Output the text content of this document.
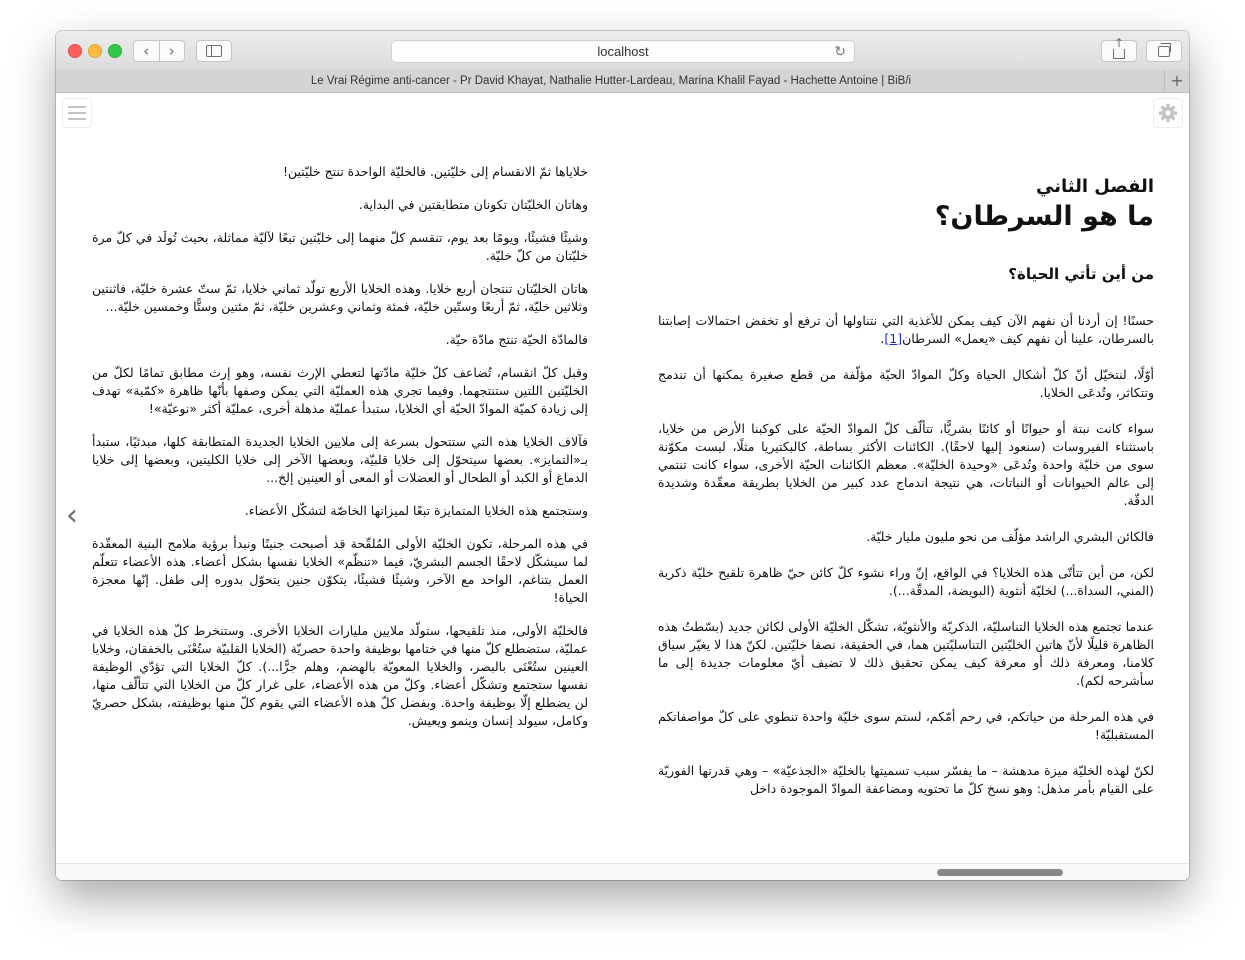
‹	›	localhost	↻
↑
Le Vrai Régime anti-cancer - Pr David Khayat, Nathalie Hutter-Lardeau, Marina Khalil Fayad - Hachette Antoine | BiB/i	+
‹

خلاياها ثمّ الانقسام إلى خليّتين. فالخليّة الواحدة تنتج خليّتين!

وهاتان الخليّتان تكونان متطابقتين في البداية.

وشيئًا فشيئًا، ويومًا بعد يوم، تنقسم كلّ منهما إلى خليّتين تبعًا لآليّة مماثلة، بحيث تُولَد في كلّ مرة خليّتان من كلّ خليّة.

هاتان الخليّتان تنتجان أربع خلايا. وهذه الخلايا الأربع تولّد ثماني خلايا، ثمّ ستّ عشرة خليّة، فاثنتين وثلاثين خليّة، ثمّ أربعًا وستّين خليّة، فمئة وثماني وعشرين خليّة، ثمّ مئتين وستًّا وخمسين خليّة...

فالمادّة الحيّة تنتج مادّة حيّة.

وقبل كلّ انقسام، تُضاعف كلّ خليّة مادّتها لتعطي الإرث نفسه، وهو إرث مطابق تمامًا لكلّ من الخليّتين اللتين ستنتجهما. وفيما تجري هذه العمليّة التي يمكن وصفها بأنّها ظاهرة «كمّية» تهدف إلى زيادة كميّة الموادّ الحيّة أي الخلايا، ستبدأ عمليّة مذهلة أخرى، عمليّة أكثر «نوعيّة»!

فآلاف الخلايا هذه التي ستتحول بسرعة إلى ملايين الخلايا الجديدة المتطابقة كلها، مبدئيًا، ستبدأ بـ«التمايز». بعضها سيتحوّل إلى خلايا قلبيّة، وبعضها الآخر إلى خلايا الكليتين، وبعضها إلى خلايا الدماغ أو الكبد أو الطحال أو العضلات أو المعى أو العينين إلخ...

وستجتمع هذه الخلايا المتمايزة تبعًا لميزاتها الخاصّة لتشكّل الأعضاء.

في هذه المرحلة، تكون الخليّة الأولى المُلقّحة قد أصبحت جنينًا ونبدأ برؤية ملامح البنية المعقّدة لما سيشكّل لاحقًا الجسم البشريّ، فيما «تنظّم» الخلايا نفسها بشكل أعضاء. هذه الأعضاء تتعلّم العمل بتناغم، الواحد مع الآخر، وشيئًا فشيئًا، يتكوّن جنين يتحوّل بدوره إلى طفل. إنّها معجزة الحياة!

فالخليّة الأولى، منذ تلقيحها، ستولّد ملايين مليارات الخلايا الأخرى. وستنخرط كلّ هذه الخلايا في عمليّة، ستضطلع كلّ منها في ختامها بوظيفة واحدة حصريّة (الخلايا القلبيّة ستُعْنَى بالخفقان، وخلايا العينين ستُعْنَى بالبصر، والخلايا المعويّة بالهضم، وهلم جرًّا...). كلّ الخلايا التي تؤدّي الوظيفة نفسها ستجتمع وتشكّل أعضاء. وكلّ من هذه الأعضاء، على غرار كلّ من الخلايا التي تتألّف منها، لن يضطلع إلّا بوظيفة واحدة. وبفضل كلّ هذه الأعضاء التي يقوم كلّ منها بوظيفته، بشكل حصريّ وكامل، سيولد إنسان وينمو ويعيش.

الفصل الثاني
ما هو السرطان؟
من أين تأتي الحياة؟

حسنًا! إن أردنا أن نفهم الآن كيف يمكن للأغذية التي نتناولها أن ترفع أو تخفض احتمالات إصابتنا بالسرطان، علينا أن نفهم كيف «يعمل» السرطان[1].

أوّلًا، لنتخيّل أنّ كلّ أشكال الحياة وكلّ الموادّ الحيّة مؤلّفة من قطع صغيرة يمكنها أن تندمج وتتكاثر، وتُدعَى الخلايا.

سواء كانت نبتة أو حيوانًا أو كائنًا بشريًّا، تتألّف كلّ الموادّ الحيّة على كوكبنا الأرض من خلايا، باستثناء الفيروسات (سنعود إليها لاحقًا). الكائنات الأكثر بساطة، كالبكتيريا مثلًا، ليست مكوّنة سوى من خليّة واحدة وتُدعَى «وحيدة الخليّة». معظم الكائنات الحيّة الأخرى، سواء كانت تنتمي إلى عالم الحيوانات أو النباتات، هي نتيجة اندماج عدد كبير من الخلايا بطريقة معقّدة وشديدة الدقّة.

فالكائن البشري الراشد مؤلّف من نحو مليون مليار خليّة.

لكن، من أين تتأتّى هذه الخلايا؟ في الواقع، إنّ وراء نشوء كلّ كائن حيّ ظاهرة تلقيح خليّة ذكرية (المني، السداة...) لخليّة أنثوية (البويضة، المدقّة...).

عندما تجتمع هذه الخلايا التناسليّة، الذكريّة والأنثويّة، تشكّل الخليّة الأولى لكائن جديد (بسّطتُ هذه الظاهرة قليلًا لأنّ هاتين الخليّتين التناسليّتين هما، في الحقيقة، نصفا خليّتين. لكنّ هذا لا يغيّر سياق كلامنا، ومعرفة ذلك أو معرفة كيف يمكن تحقيق ذلك لا تضيف أيّ معلومات جديدة إلى ما سأشرحه لكم).

في هذه المرحلة من حياتكم، في رحم أمّكم، لستم سوى خليّة واحدة تنطوي على كلّ مواصفاتكم المستقبليّة!

لكنّ لهذه الخليّة ميزة مدهشة – ما يفسّر سبب تسميتها بالخليّة «الجذعيّة» – وهي قدرتها الفوريّة على القيام بأمر مذهل: وهو نسخ كلّ ما تحتويه ومضاعفة الموادّ الموجودة داخل
